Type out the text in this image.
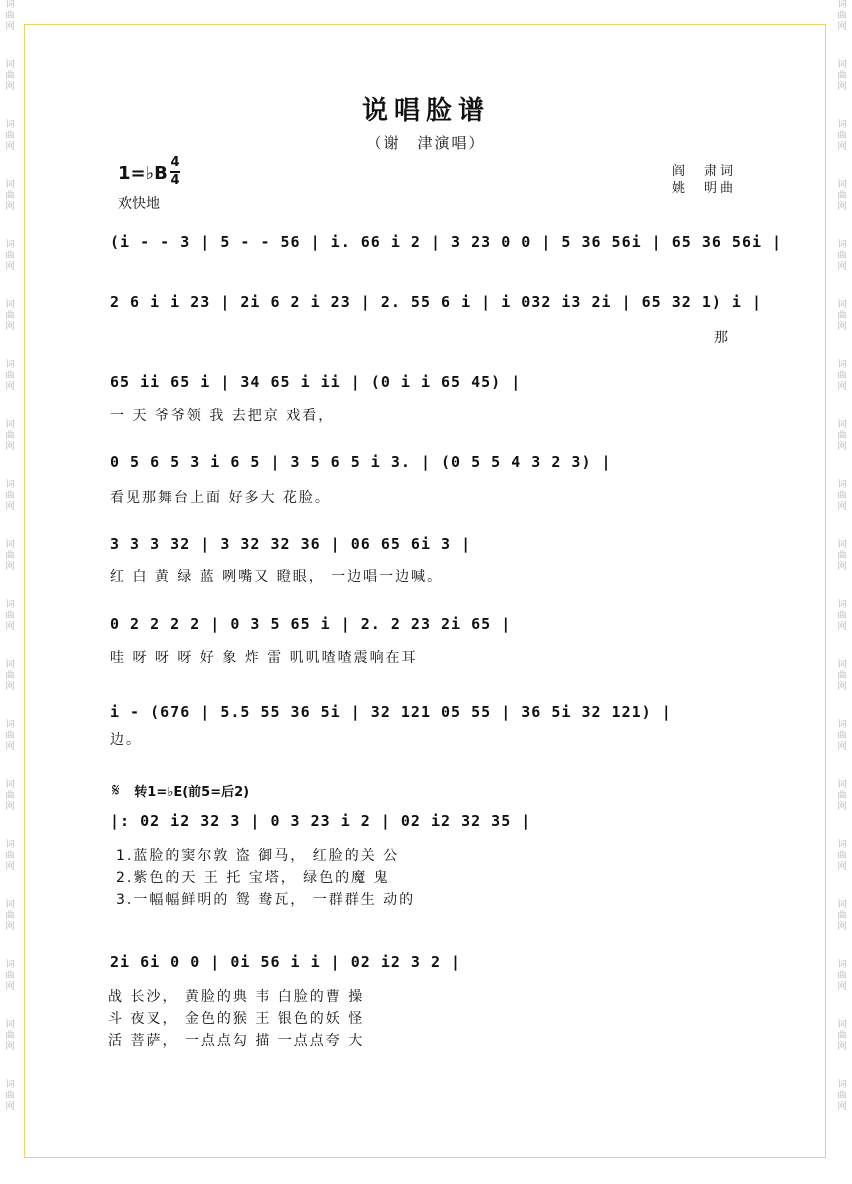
词
曲
网
词
曲
网
词
曲
网
词
曲
网
词
曲
网
词
曲
网
词
曲
网
词
曲
网
词
曲
网
词
曲
网
词
曲
网
词
曲
网
词
曲
网
词
曲
网
词
曲
网
词
曲
网
词
曲
网
词
曲
网
词
曲
网
词
曲
网
词
曲
网
词
曲
网
词
曲
网
词
曲
网
词
曲
网
词
曲
网
词
曲
网
词
曲
网
词
曲
网
词
曲
网
词
曲
网
词
曲
网
词
曲
网
词
曲
网
词
曲
网
词
曲
网
词
曲
网
词
曲
网
说唱脸谱
（谢　津演唱）
1=♭B
4
4
阎　肃词
姚　明曲
欢快地
𝄋 转1=♭E(前5=后2)
(i - - 3 | 5 - - 56 | i. 66 i 2 | 3 23 0 0 | 5 36 56i | 65 36 56i |
2 6 i i 23 | 2i 6 2 i 23 | 2. 55 6 i | i 032 i3 2i | 65 32 1) i |
那
65 ii 65 i | 34 65 i ii | (0 i i 65 45) |
一 天 爷爷领 我 去把京 戏看，
0 5 6 5 3 i 6 5 | 3 5 6 5 i 3. | (0 5 5 4 3 2 3) |
看见那舞台上面 好多大 花脸。
3 3 3 32 | 3 32 32 36 | 06 65 6i 3 |
红 白 黄 绿 蓝 咧嘴又 瞪眼， 一边唱一边喊。
0 2 2 2 2 | 0 3 5 65 i | 2. 2 23 2i 65 |
哇 呀 呀 呀 好 象 炸 雷 叽叽喳喳震响在耳
i - (676 | 5.5 55 36 5i | 32 121 05 55 | 36 5i 32 121) |
边。
|: 02 i2 32 3 | 0 3 23 i 2 | 02 i2 32 35 |
1.蓝脸的窦尔敦 盗 御马， 红脸的关 公
2.紫色的天 王 托 宝塔， 绿色的魔 鬼
3.一幅幅鲜明的 鸳 鸯瓦， 一群群生 动的
2i 6i 0 0 | 0i 56 i i | 02 i2 3 2 |
战 长沙， 黄脸的典 韦 白脸的曹 操
斗 夜叉， 金色的猴 王 银色的妖 怪
活 菩萨， 一点点勾 描 一点点夸 大
